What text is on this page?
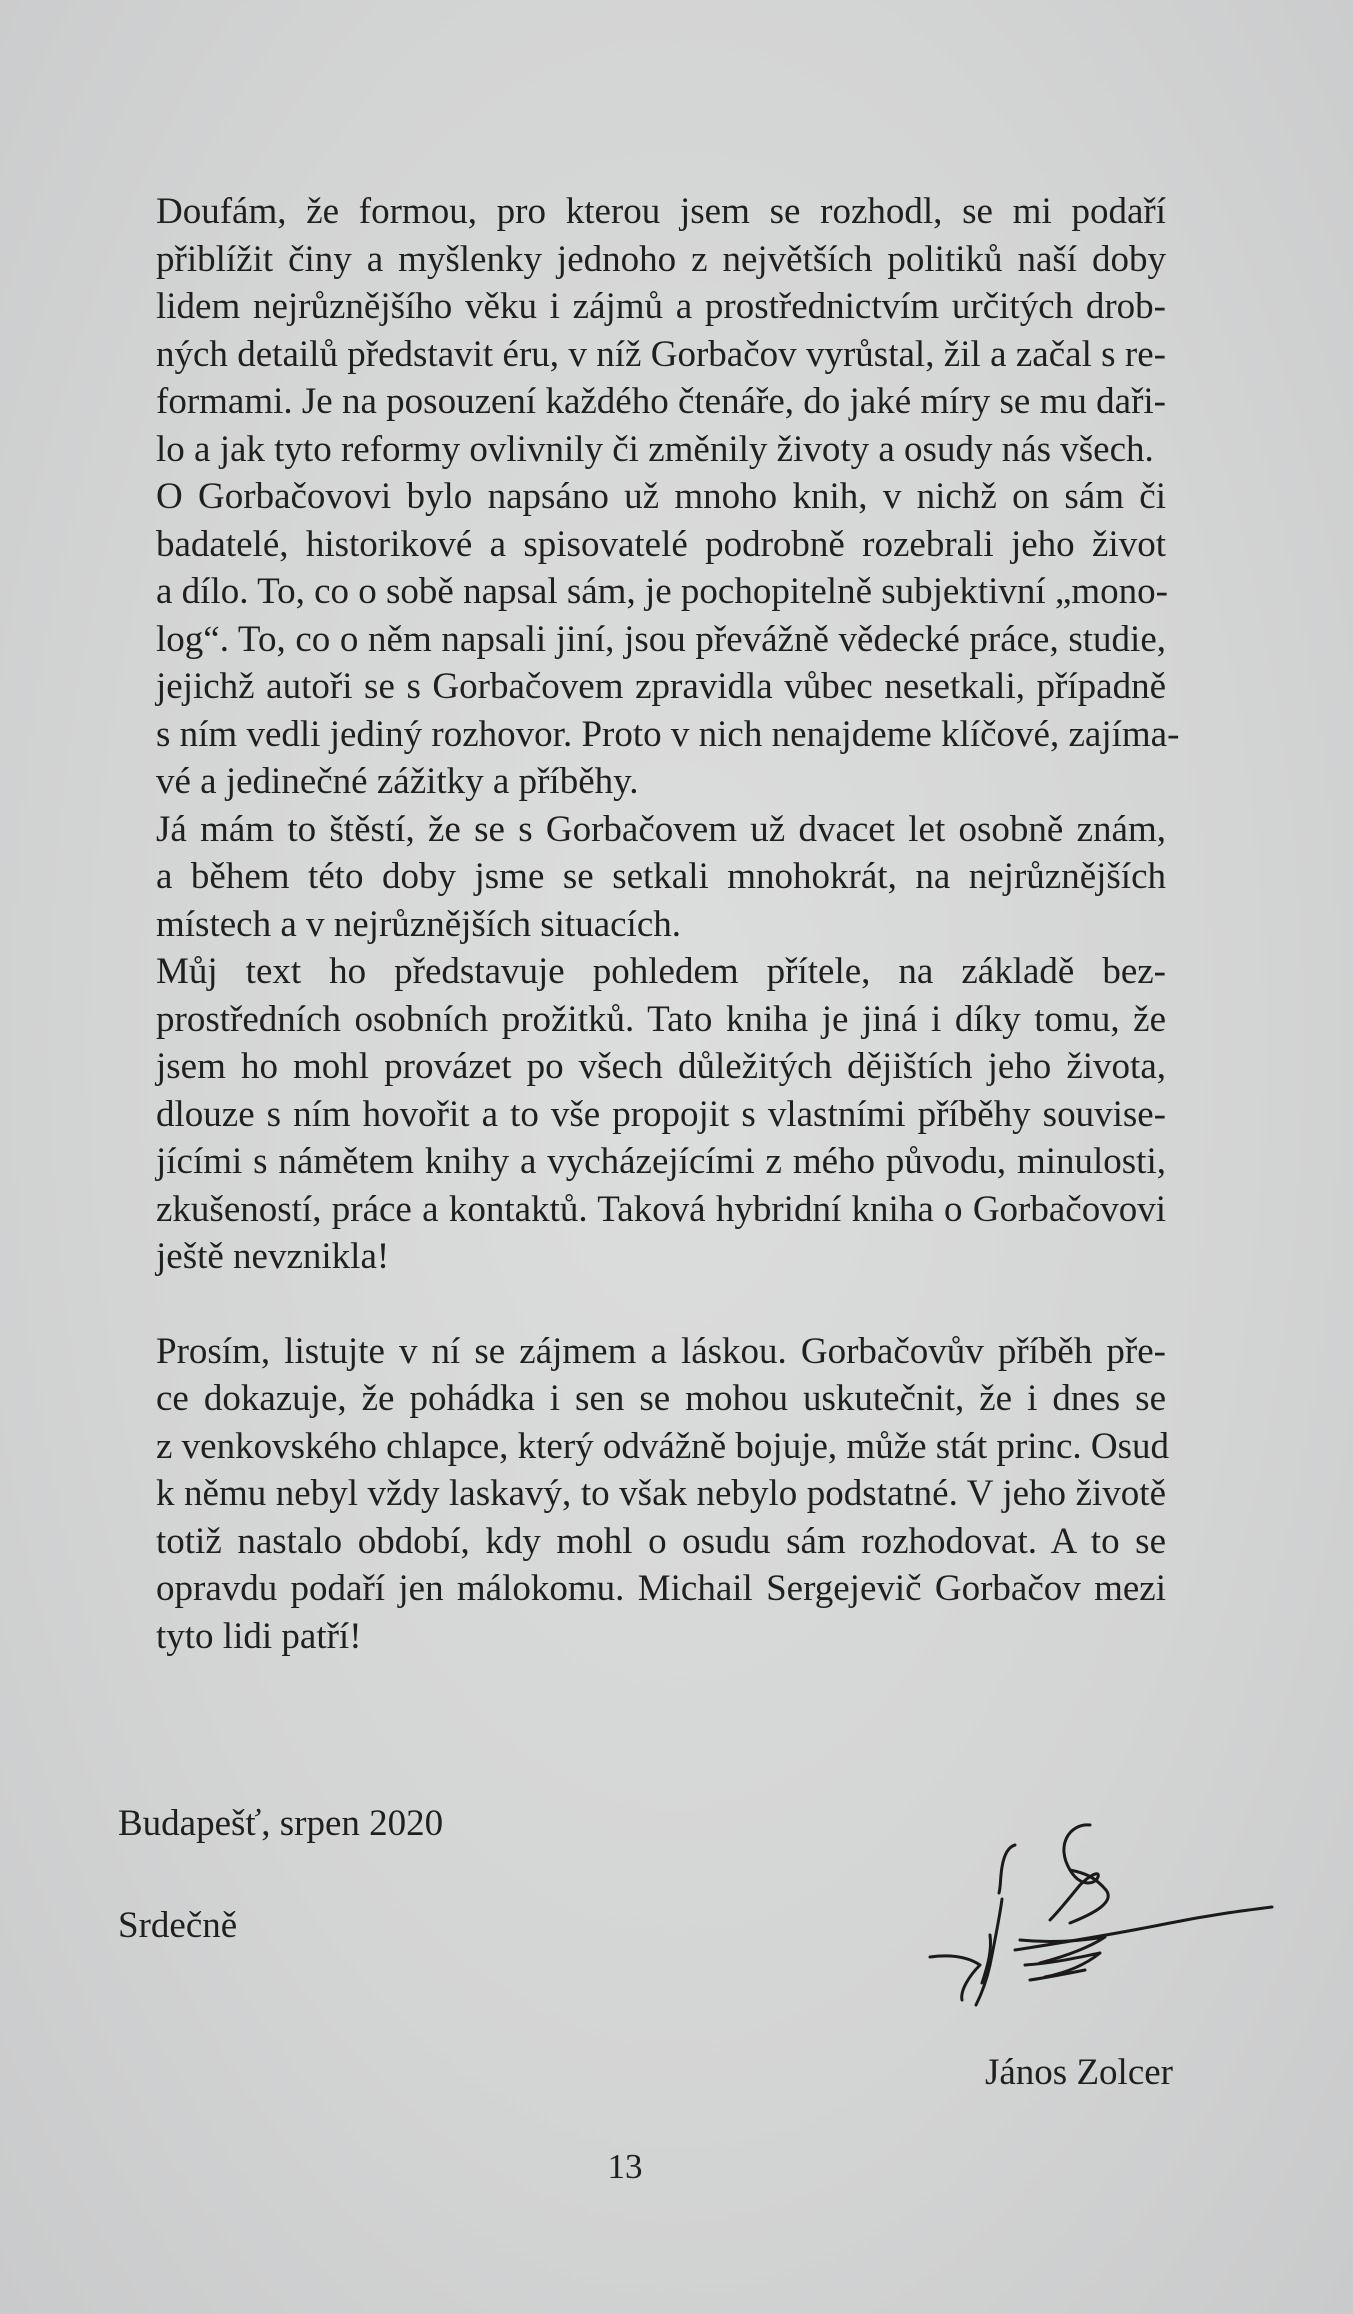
Doufám, že formou, pro kterou jsem se rozhodl, se mi podaří
přiblížit činy a myšlenky jednoho z největších politiků naší doby
lidem nejrůznějšího věku i zájmů a prostřednictvím určitých drob-
ných detailů představit éru, v níž Gorbačov vyrůstal, žil a začal s re-
formami. Je na posouzení každého čtenáře, do jaké míry se mu daři-
lo a jak tyto reformy ovlivnily či změnily životy a osudy nás všech.

O Gorbačovovi bylo napsáno už mnoho knih, v nichž on sám či
badatelé, historikové a spisovatelé podrobně rozebrali jeho život
a dílo. To, co o sobě napsal sám, je pochopitelně subjektivní „mono-
log“. To, co o něm napsali jiní, jsou převážně vědecké práce, studie,
jejichž autoři se s Gorbačovem zpravidla vůbec nesetkali, případně
s ním vedli jediný rozhovor. Proto v nich nenajdeme klíčové, zajíma-
vé a jedinečné zážitky a příběhy.

Já mám to štěstí, že se s Gorbačovem už dvacet let osobně znám,
a během této doby jsme se setkali mnohokrát, na nejrůznějších
místech a v nejrůznějších situacích.

Můj text ho představuje pohledem přítele, na základě bez-
prostředních osobních prožitků. Tato kniha je jiná i díky tomu, že
jsem ho mohl provázet po všech důležitých dějištích jeho života,
dlouze s ním hovořit a to vše propojit s vlastními příběhy souvise-
jícími s námětem knihy a vycházejícími z mého původu, minulosti,
zkušeností, práce a kontaktů. Taková hybridní kniha o Gorbačovovi
ještě nevznikla!

Prosím, listujte v ní se zájmem a láskou. Gorbačovův příběh pře-
ce dokazuje, že pohádka i sen se mohou uskutečnit, že i dnes se
z venkovského chlapce, který odvážně bojuje, může stát princ. Osud
k němu nebyl vždy laskavý, to však nebylo podstatné. V jeho životě
totiž nastalo období, kdy mohl o osudu sám rozhodovat. A to se
opravdu podaří jen málokomu. Michail Sergejevič Gorbačov mezi
tyto lidi patří!

Budapešť, srpen 2020
Srdečně
János Zolcer
13
